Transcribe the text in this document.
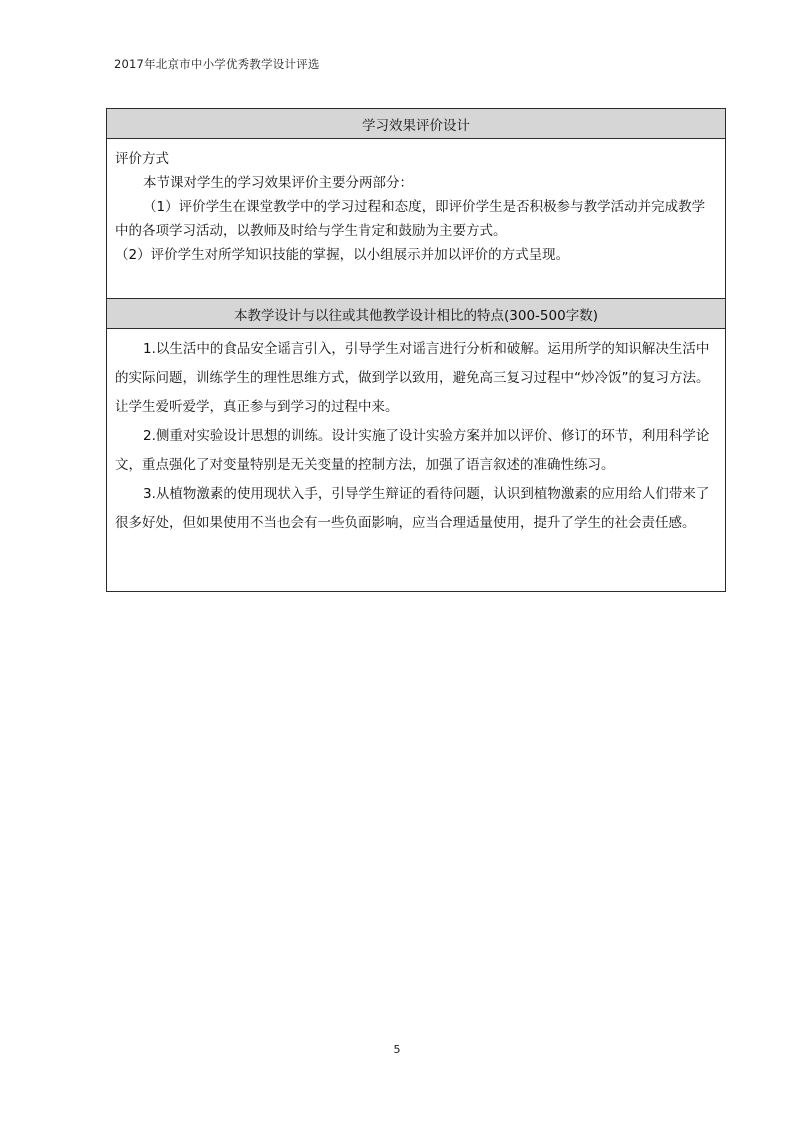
2017年北京市中小学优秀教学设计评选
学习效果评价设计

评价方式

本节课对学生的学习效果评价主要分两部分：

（1）评价学生在课堂教学中的学习过程和态度，即评价学生是否积极参与教学活动并完成教学中的各项学习活动，以教师及时给与学生肯定和鼓励为主要方式。

（2）评价学生对所学知识技能的掌握，以小组展示并加以评价的方式呈现。

本教学设计与以往或其他教学设计相比的特点(300-500字数)

1.以生活中的食品安全谣言引入，引导学生对谣言进行分析和破解。运用所学的知识解决生活中的实际问题，训练学生的理性思维方式，做到学以致用，避免高三复习过程中“炒冷饭”的复习方法。让学生爱听爱学，真正参与到学习的过程中来。

2.侧重对实验设计思想的训练。设计实施了设计实验方案并加以评价、修订的环节，利用科学论文，重点强化了对变量特别是无关变量的控制方法，加强了语言叙述的准确性练习。

3.从植物激素的使用现状入手，引导学生辩证的看待问题，认识到植物激素的应用给人们带来了很多好处，但如果使用不当也会有一些负面影响，应当合理适量使用，提升了学生的社会责任感。

5
